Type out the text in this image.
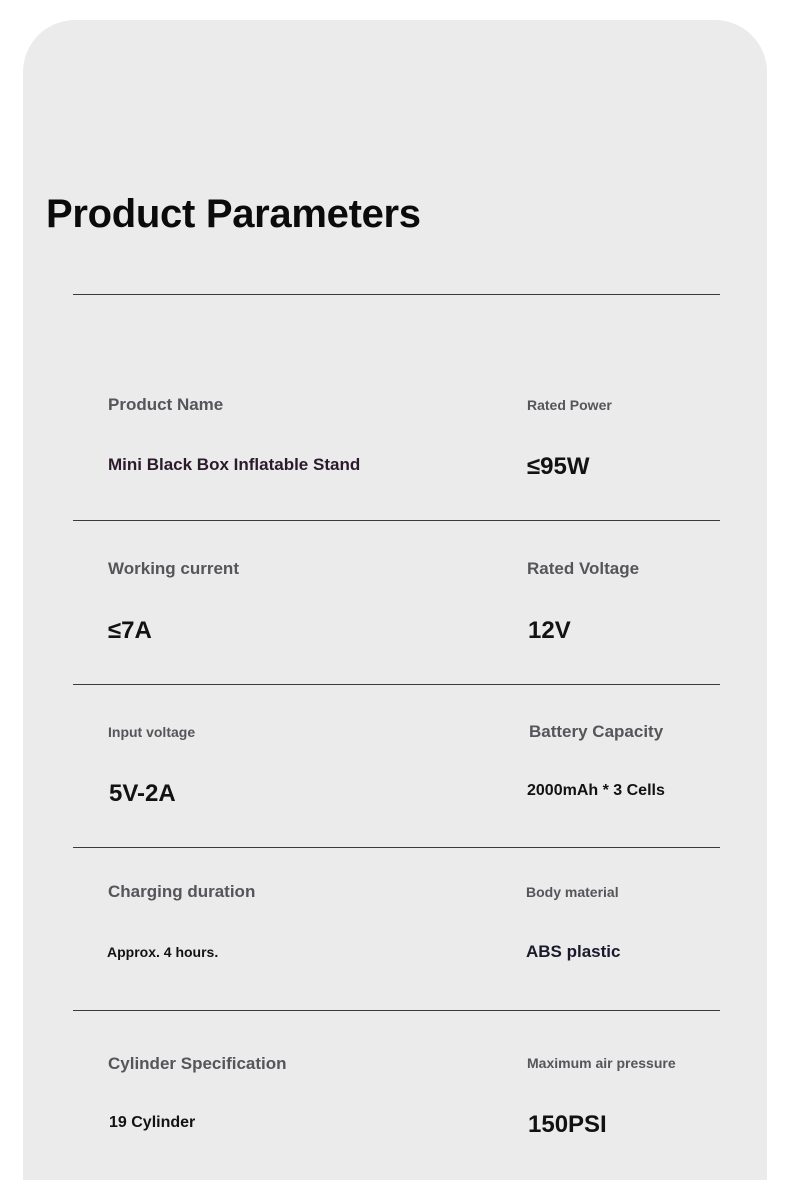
Product Parameters
Product Name
Mini Black Box Inflatable Stand
Rated Power
≤95W
Working current
≤7A
Rated Voltage
12V
Input voltage
5V-2A
Battery Capacity
2000mAh * 3 Cells
Charging duration
Approx. 4 hours.
Body material
ABS plastic
Cylinder Specification
19 Cylinder
Maximum air pressure
150PSI
